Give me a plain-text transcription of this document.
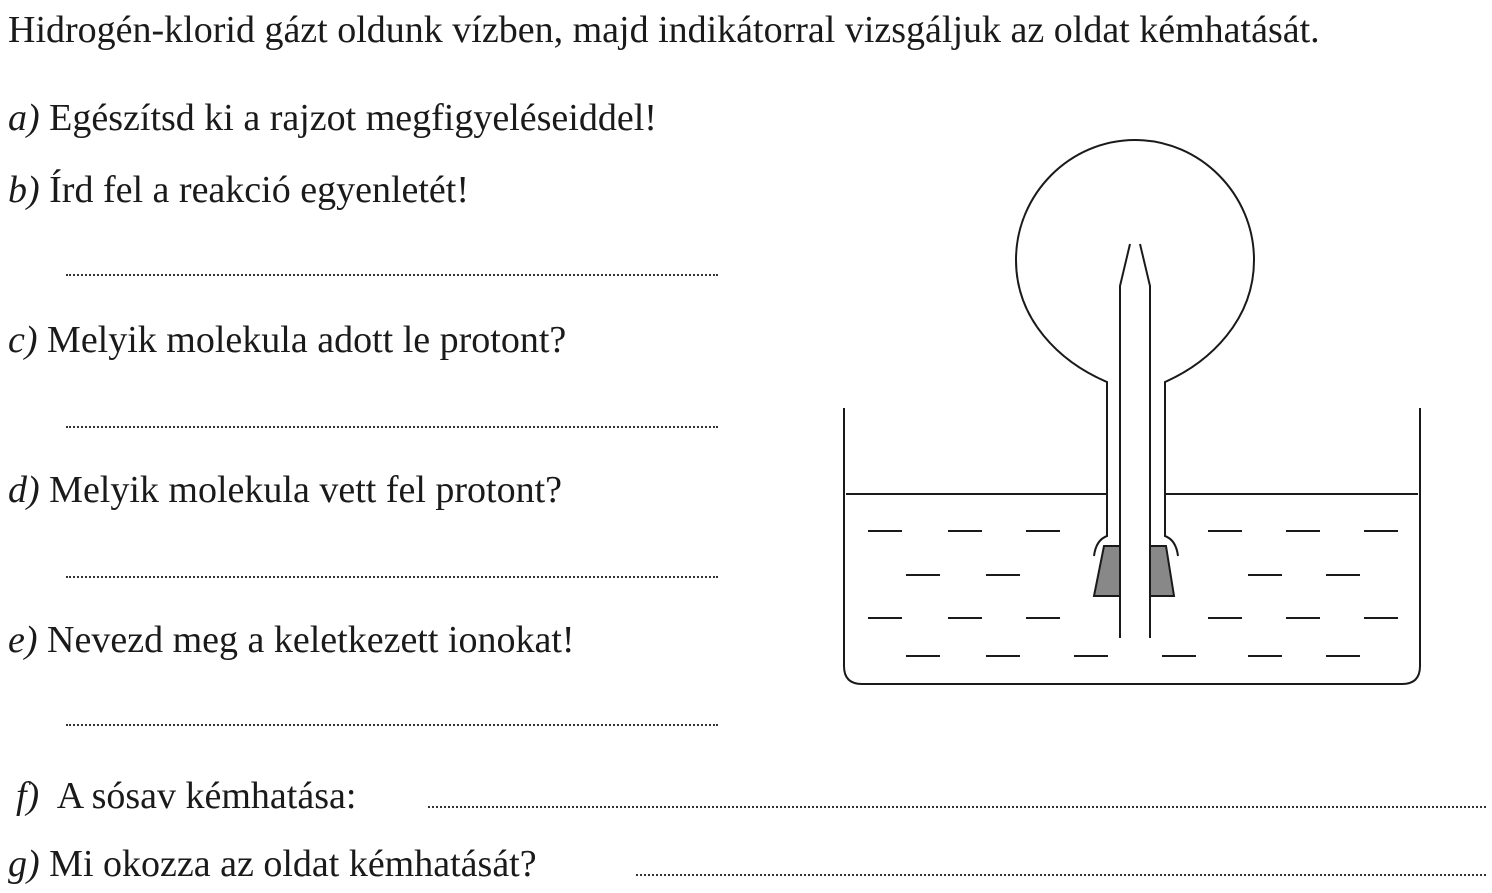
Hidrogén-klorid gázt oldunk vízben, majd indikátorral vizsgáljuk az oldat kémhatását.
a) Egészítsd ki a rajzot megfigyeléseiddel!
b) Írd fel a reakció egyenletét!
c) Melyik molekula adott le protont?
d) Melyik molekula vett fel protont?
e) Nevezd meg a keletkezett ionokat!
f) A sósav kémhatása:
g) Mi okozza az oldat kémhatását?
